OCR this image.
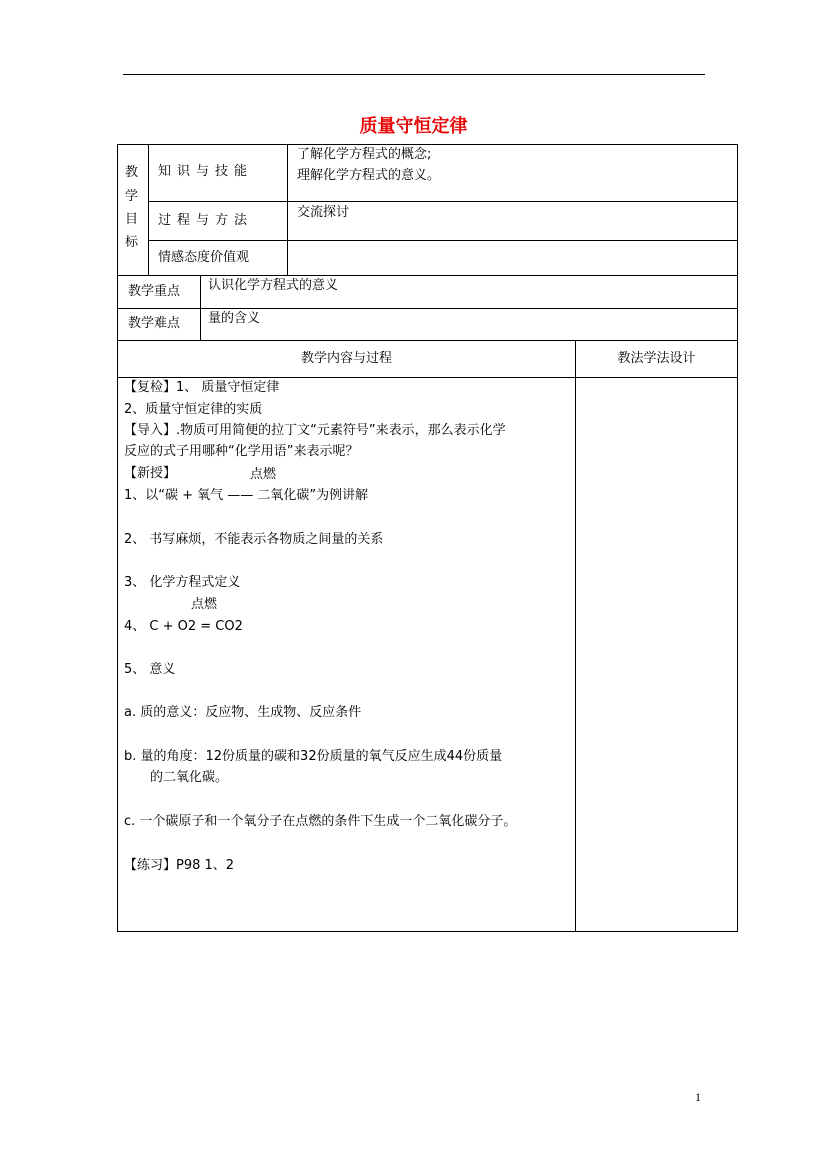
质量守恒定律
教
学
目
标
知识与技能
了解化学方程式的概念;
理解化学方程式的意义。
过程与方法
交流探讨
情感态度价值观
教学重点 认识化学方程式的意义
教学难点 量的含义
教学内容与过程	教法学法设计
【复检】1、 质量守恒定律
2、质量守恒定律的实质
【导入】.物质可用简便的拉丁文“元素符号”来表示，那么表示化学
反应的式子用哪种“化学用语”来表示呢？
【新授】	点燃
1、以“碳 + 氧气 —— 二氧化碳”为例讲解
2、 书写麻烦，不能表示各物质之间量的关系
3、 化学方程式定义
点燃
4、 C + O2 = CO2
5、 意义
a. 质的意义：反应物、生成物、反应条件
b. 量的角度：12份质量的碳和32份质量的氧气反应生成44份质量
的二氧化碳。
c. 一个碳原子和一个氧分子在点燃的条件下生成一个二氧化碳分子。
【练习】P98 1、2
1
